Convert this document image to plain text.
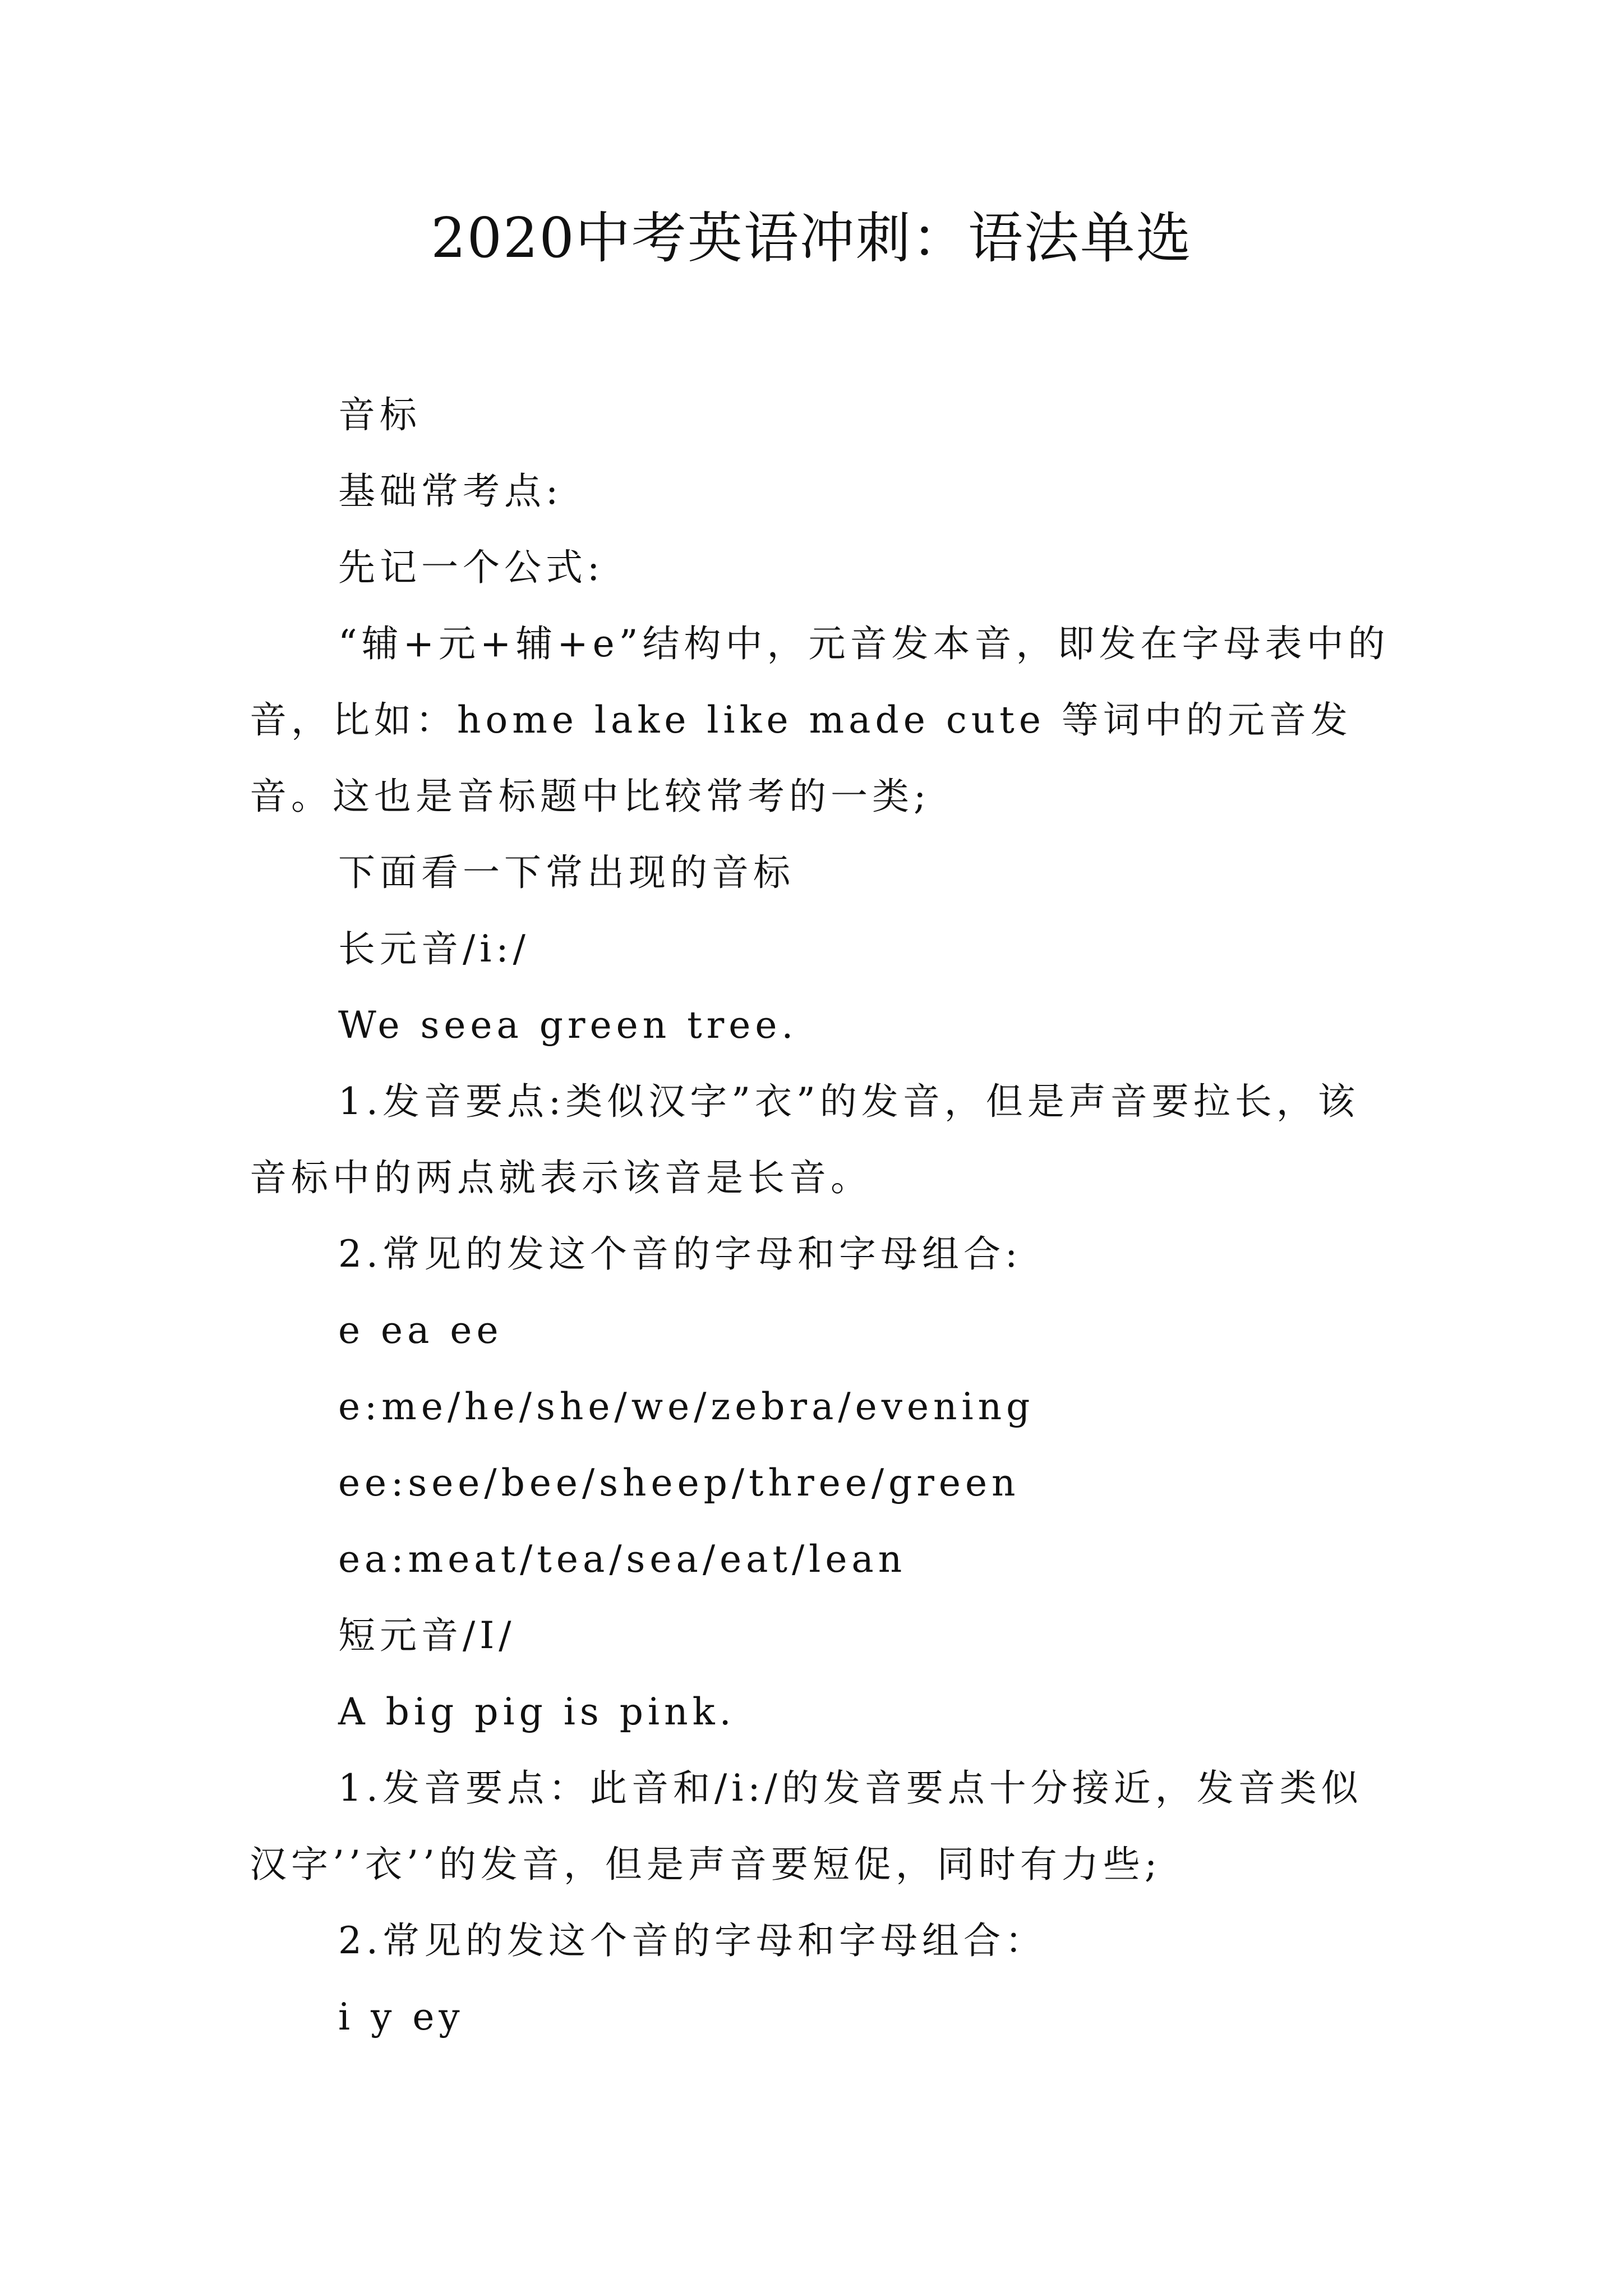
2020中考英语冲刺：语法单选

音标

基础常考点:

先记一个公式:

“辅+元+辅+e”结构中，元音发本音，即发在字母表中的音，比如：home lake like made cute 等词中的元音发音。这也是音标题中比较常考的一类;

下面看一下常出现的音标

长元音/i:/

We seea green tree.

1.发音要点:类似汉字”衣”的发音，但是声音要拉长，该音标中的两点就表示该音是长音。

2.常见的发这个音的字母和字母组合:

e ea ee

e:me/he/she/we/zebra/evening

ee:see/bee/sheep/three/green

ea:meat/tea/sea/eat/lean

短元音/I/

A big pig is pink.

1.发音要点：此音和/i:/的发音要点十分接近，发音类似汉字’’衣’’的发音，但是声音要短促，同时有力些;

2.常见的发这个音的字母和字母组合：

i y ey
